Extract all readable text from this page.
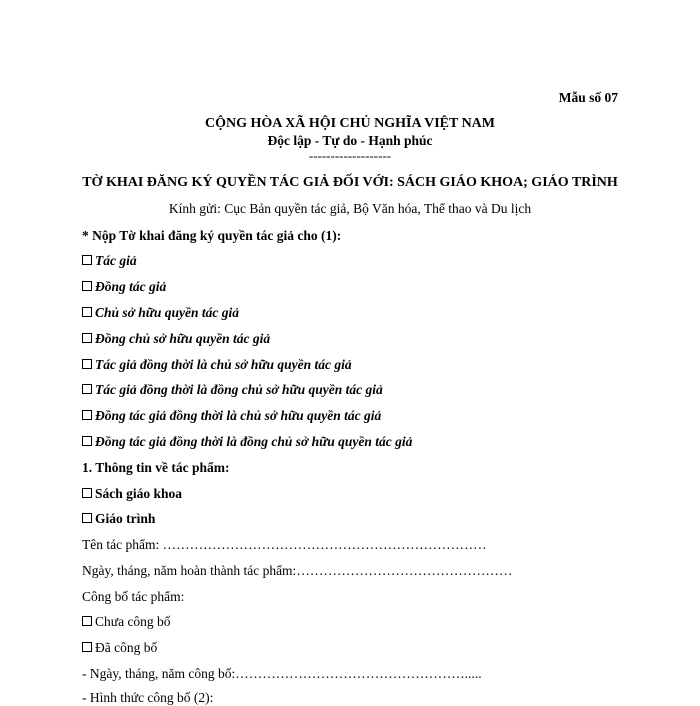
Mẫu số 07
CỘNG HÒA XÃ HỘI CHỦ NGHĨA VIỆT NAM
Độc lập - Tự do - Hạnh phúc
-------------------
TỜ KHAI ĐĂNG KÝ QUYỀN TÁC GIẢ ĐỐI VỚI: SÁCH GIÁO KHOA; GIÁO TRÌNH
Kính gửi: Cục Bản quyền tác giả, Bộ Văn hóa, Thể thao và Du lịch
* Nộp Tờ khai đăng ký quyền tác giả cho (1):
Tác giả
Đồng tác giả
Chủ sở hữu quyền tác giả
Đồng chủ sở hữu quyền tác giả
Tác giả đồng thời là chủ sở hữu quyền tác giả
Tác giả đồng thời là đồng chủ sở hữu quyền tác giả
Đồng tác giả đồng thời là chủ sở hữu quyền tác giả
Đồng tác giả đồng thời là đồng chủ sở hữu quyền tác giả
1. Thông tin về tác phẩm:
Sách giáo khoa
Giáo trình
Tên tác phẩm: ………………………………………………………………
Ngày, tháng, năm hoàn thành tác phẩm:…………………………………………
Công bố tác phẩm:
Chưa công bố
Đã công bố
- Ngày, tháng, năm công bố:…………………………………………….....
- Hình thức công bố (2):
